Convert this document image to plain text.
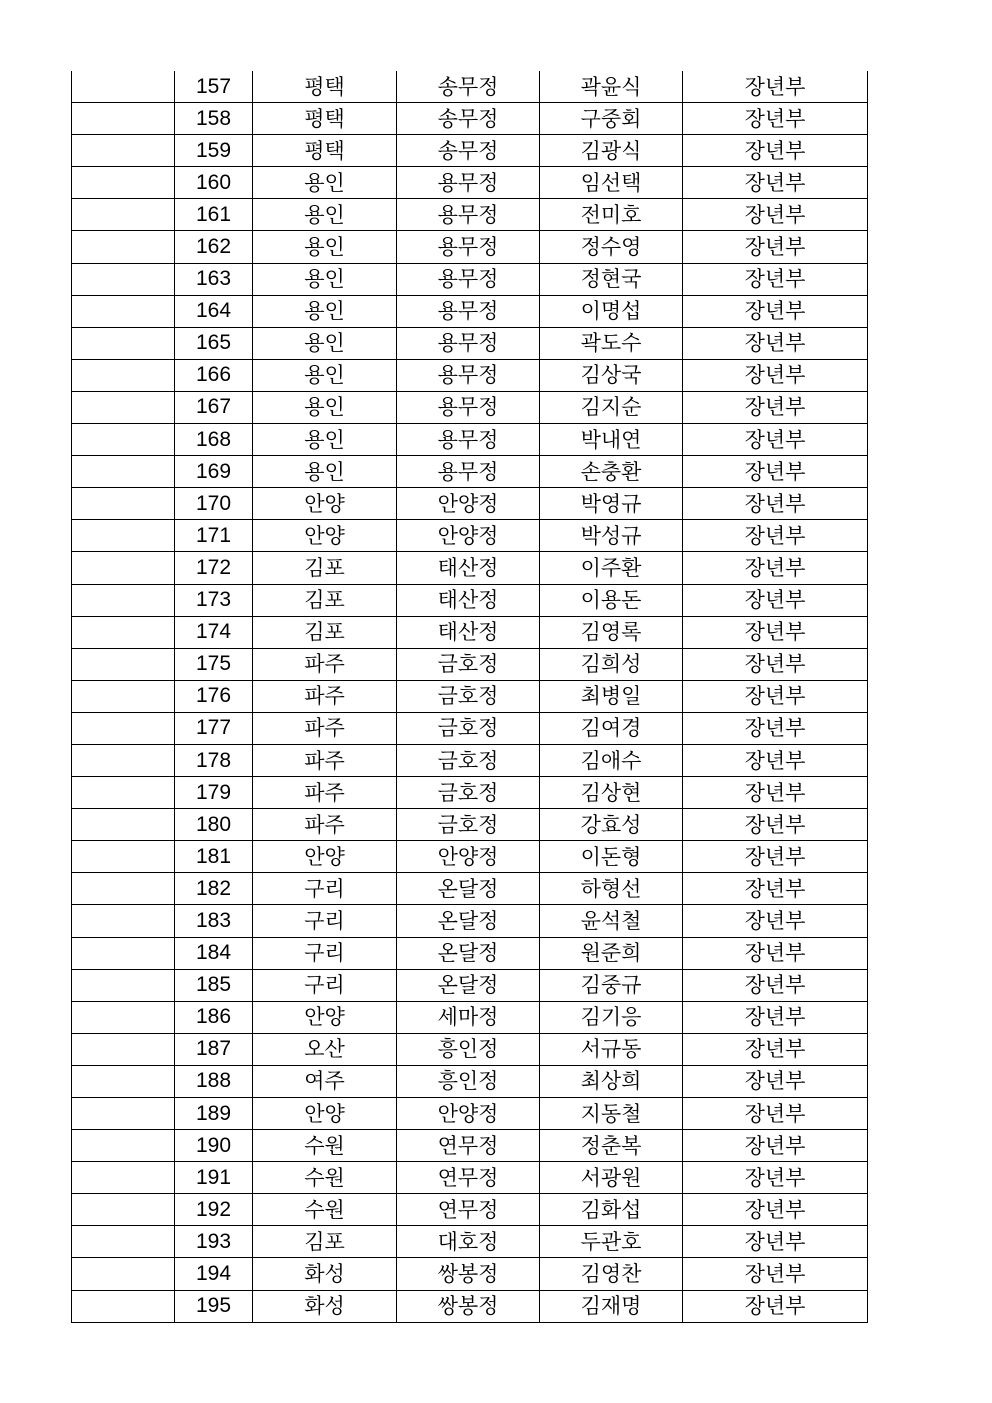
	157	평택	송무정	곽윤식	장년부
	158	평택	송무정	구중회	장년부
	159	평택	송무정	김광식	장년부
	160	용인	용무정	임선택	장년부
	161	용인	용무정	전미호	장년부
	162	용인	용무정	정수영	장년부
	163	용인	용무정	정현국	장년부
	164	용인	용무정	이명섭	장년부
	165	용인	용무정	곽도수	장년부
	166	용인	용무정	김상국	장년부
	167	용인	용무정	김지순	장년부
	168	용인	용무정	박내연	장년부
	169	용인	용무정	손충환	장년부
	170	안양	안양정	박영규	장년부
	171	안양	안양정	박성규	장년부
	172	김포	태산정	이주환	장년부
	173	김포	태산정	이용돈	장년부
	174	김포	태산정	김영록	장년부
	175	파주	금호정	김희성	장년부
	176	파주	금호정	최병일	장년부
	177	파주	금호정	김여경	장년부
	178	파주	금호정	김애수	장년부
	179	파주	금호정	김상현	장년부
	180	파주	금호정	강효성	장년부
	181	안양	안양정	이돈형	장년부
	182	구리	온달정	하형선	장년부
	183	구리	온달정	윤석철	장년부
	184	구리	온달정	원준희	장년부
	185	구리	온달정	김중규	장년부
	186	안양	세마정	김기응	장년부
	187	오산	흥인정	서규동	장년부
	188	여주	흥인정	최상희	장년부
	189	안양	안양정	지동철	장년부
	190	수원	연무정	정춘복	장년부
	191	수원	연무정	서광원	장년부
	192	수원	연무정	김화섭	장년부
	193	김포	대호정	두관호	장년부
	194	화성	쌍봉정	김영찬	장년부
	195	화성	쌍봉정	김재명	장년부
